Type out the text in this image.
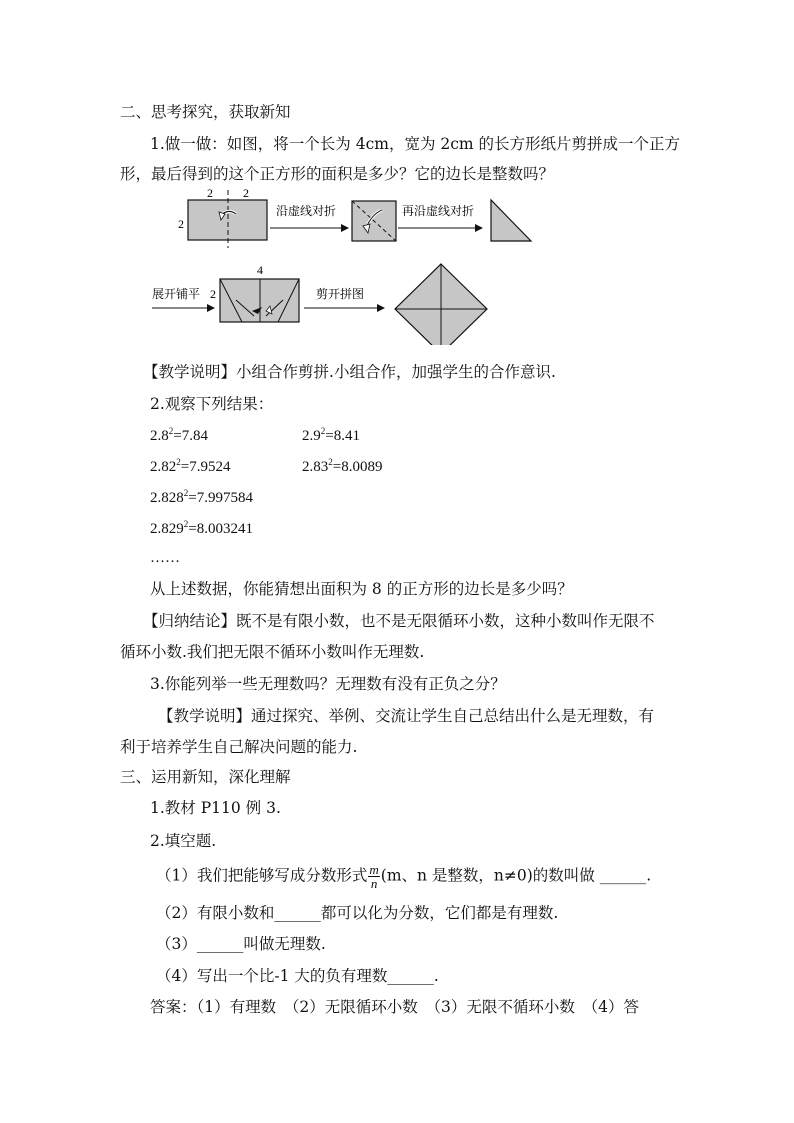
二、思考探究，获取新知
1.做一做：如图，将一个长为 4cm，宽为 2cm 的长方形纸片剪拼成一个正方
形，最后得到的这个正方形的面积是多少？它的边长是整数吗？
2	2
2
沿虚线对折	再沿虚线对折
展开铺平 2
4
剪开拼图
【教学说明】小组合作剪拼.小组合作，加强学生的合作意识.
2.观察下列结果：
$2.8^2=7.84$	$2.9^2=8.41$
$2.82^2=7.9524$	$2.83^2=8.0089$
$2.828^2=7.997584$
$2.829^2=8.003241$
……
从上述数据，你能猜想出面积为 8 的正方形的边长是多少吗？
【归纳结论】既不是有限小数，也不是无限循环小数，这种小数叫作无限不
循环小数.我们把无限不循环小数叫作无理数.
3.你能列举一些无理数吗？无理数有没有正负之分？
【教学说明】通过探究、举例、交流让学生自己总结出什么是无理数，有
利于培养学生自己解决问题的能力.
三、运用新知，深化理解
1.教材 P110 例 3.
2.填空题.
（1）我们把能够写成分数形式 $\frac{m}{n} (m$、n 是整数，n≠0)的数叫做 ______.
（2）有限小数和______都可以化为分数，它们都是有理数.
（3）______叫做无理数.
（4）写出一个比-1 大的负有理数______.
答案：（1）有理数　（2）无限循环小数　（3）无限不循环小数　（4）答
